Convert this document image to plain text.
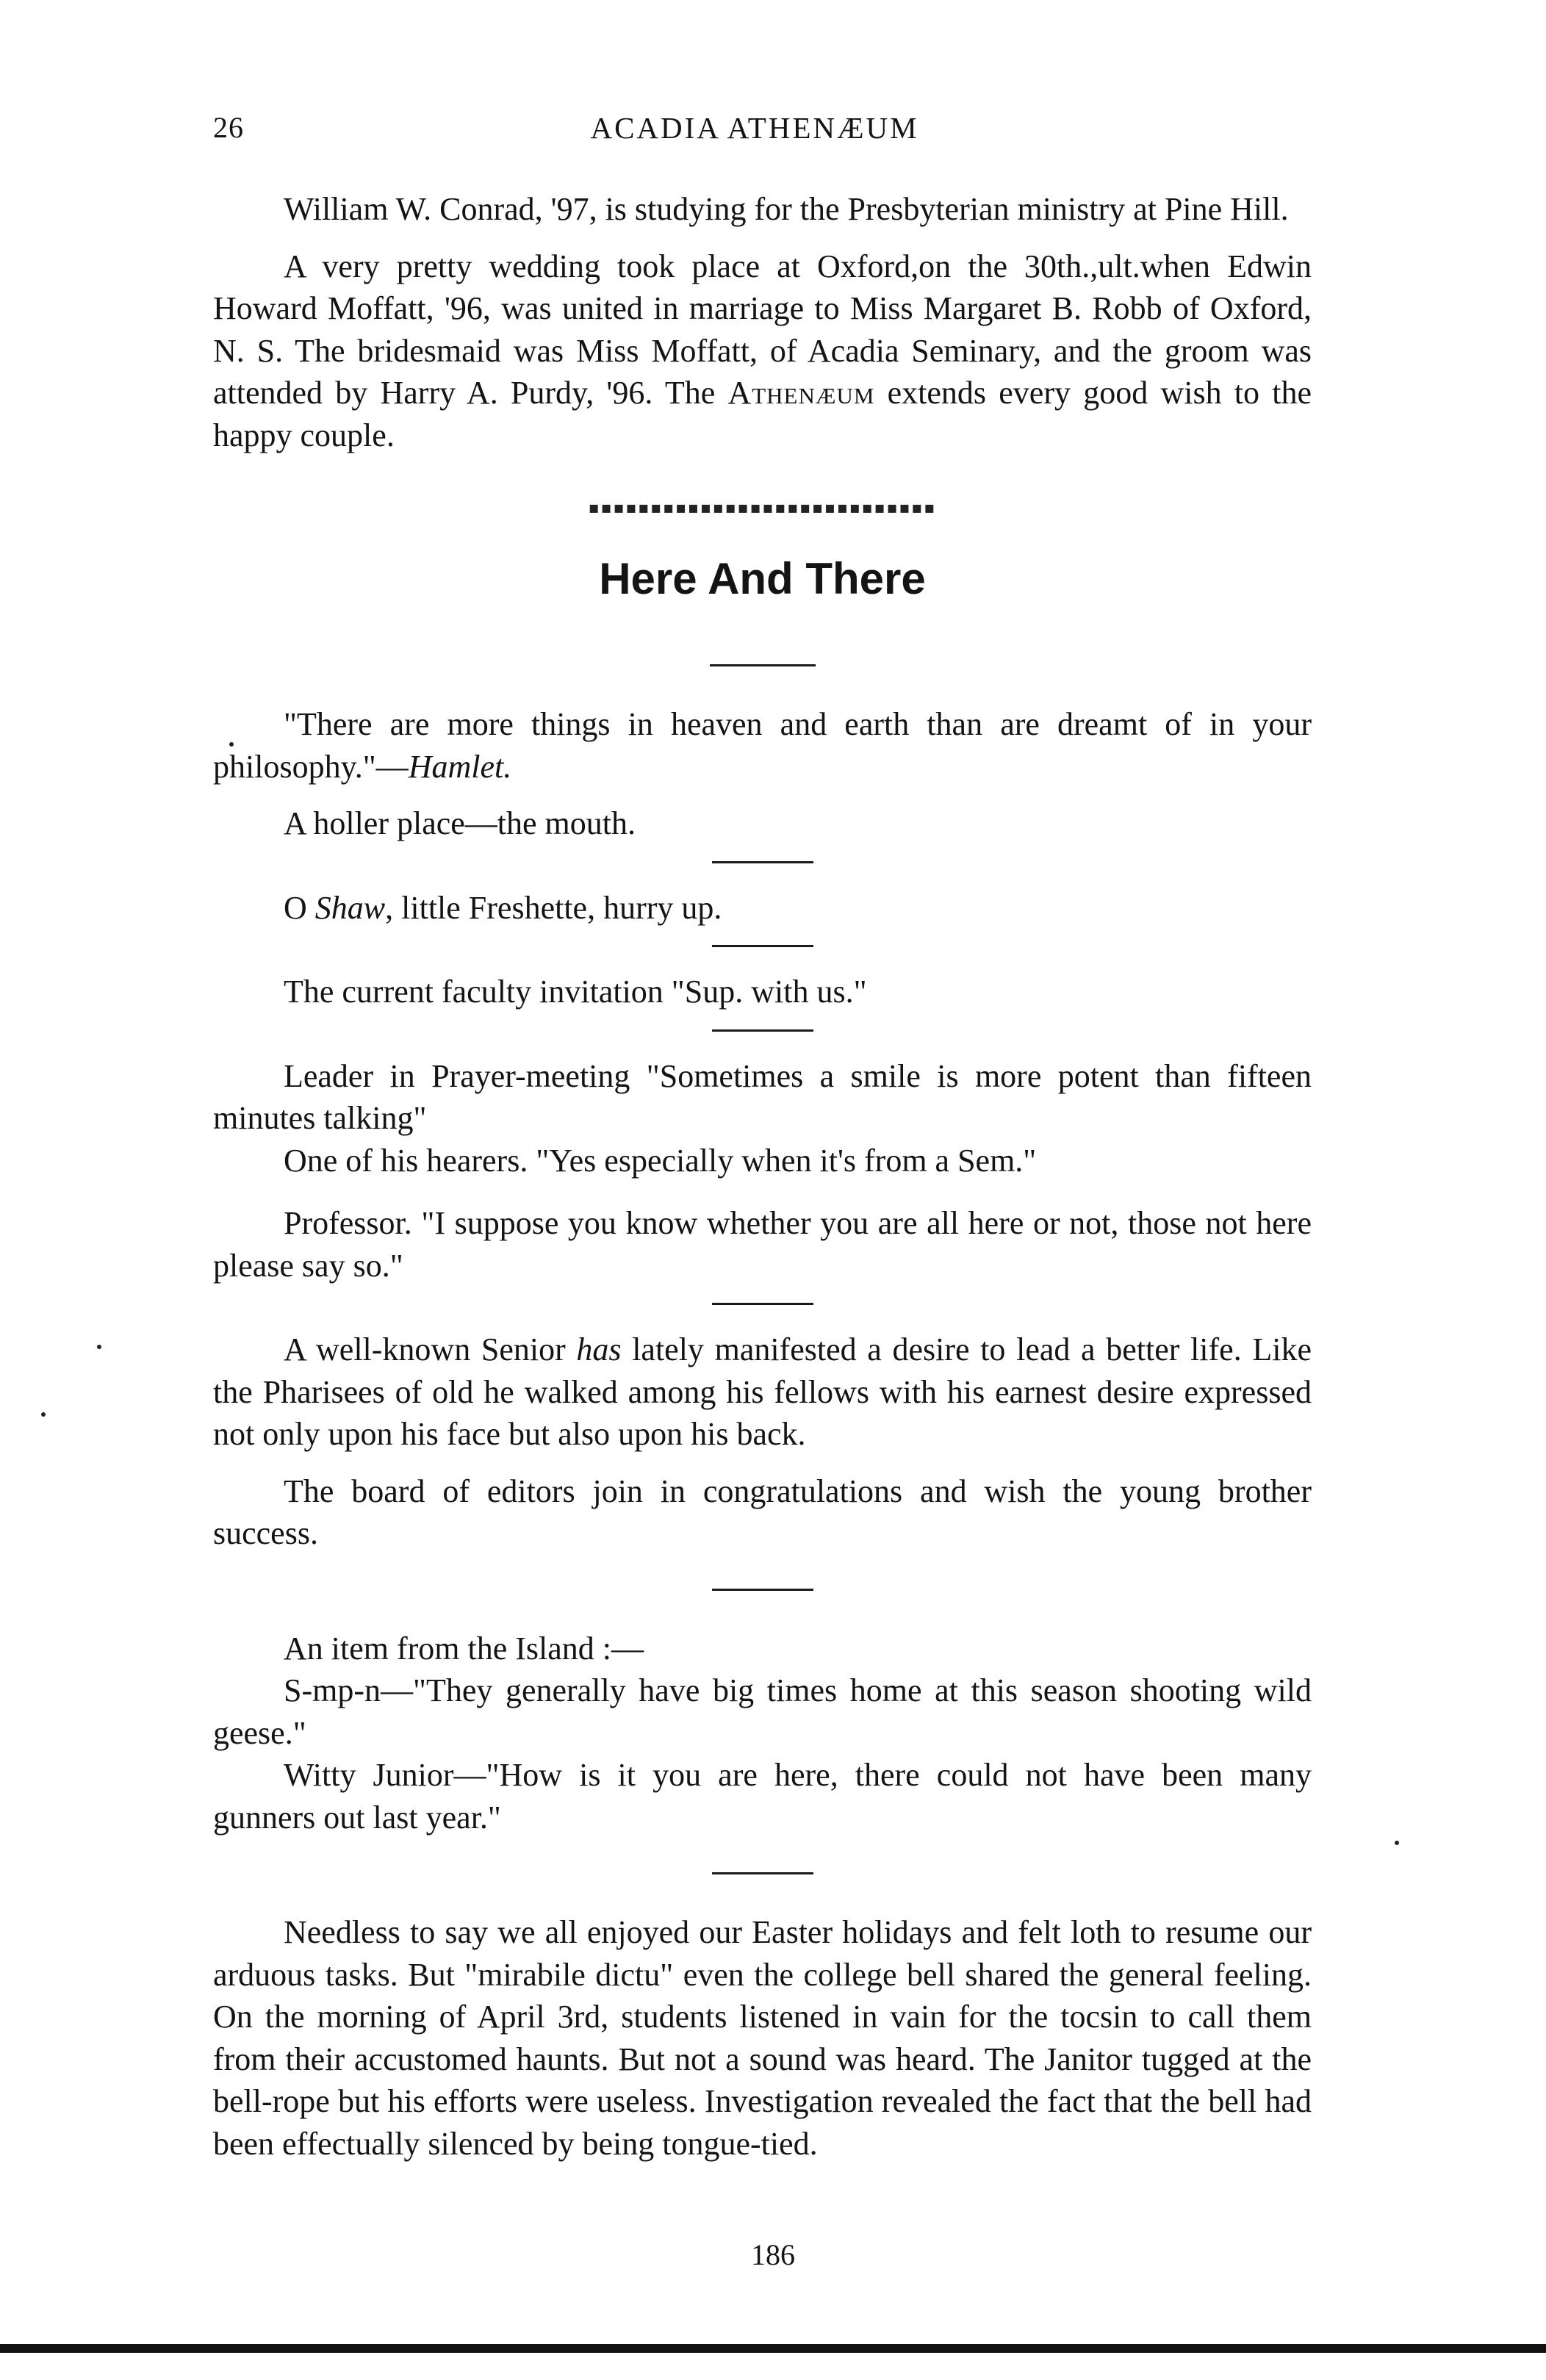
26	ACADIA ATHENÆUM

William W. Conrad, '97, is studying for the Presbyterian ministry at Pine Hill.

A very pretty wedding took place at Oxford,on the 30th.,ult.when Edwin Howard Moffatt, '96, was united in marriage to Miss Margaret B. Robb of Oxford, N. S. The bridesmaid was Miss Moffatt, of Acadia Seminary, and the groom was attended by Harry A. Purdy, '96. The Athenæum extends every good wish to the happy couple.

▪▪▪▪▪▪▪▪▪▪▪▪▪▪▪▪▪▪▪▪▪▪▪▪▪▪▪▪
Here And There

"There are more things in heaven and earth than are dreamt of in your philosophy."—Hamlet.

A holler place—the mouth.

O Shaw, little Freshette, hurry up.

The current faculty invitation "Sup. with us."

Leader in Prayer-meeting "Sometimes a smile is more potent than fifteen minutes talking"

One of his hearers. "Yes especially when it's from a Sem."

Professor. "I suppose you know whether you are all here or not, those not here please say so."

A well-known Senior has lately manifested a desire to lead a better life. Like the Pharisees of old he walked among his fellows with his earnest desire expressed not only upon his face but also upon his back.

The board of editors join in congratulations and wish the young brother success.

An item from the Island :—

S-mp-n—"They generally have big times home at this season shooting wild geese."

Witty Junior—"How is it you are here, there could not have been many gunners out last year."

Needless to say we all enjoyed our Easter holidays and felt loth to resume our arduous tasks. But "mirabile dictu" even the college bell shared the general feeling. On the morning of April 3rd, students listened in vain for the tocsin to call them from their accustomed haunts. But not a sound was heard. The Janitor tugged at the bell-rope but his efforts were useless. Investigation revealed the fact that the bell had been effectually silenced by being tongue-tied.

186
